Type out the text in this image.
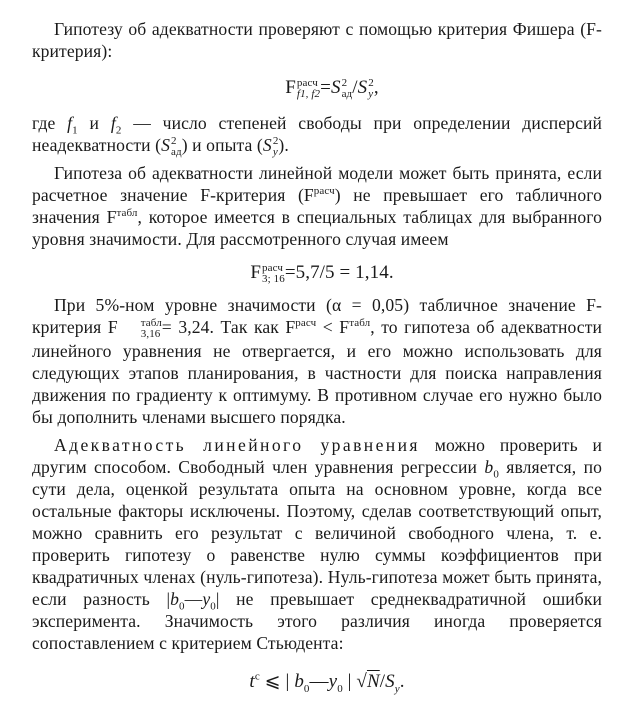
Гипотезу об адекватности проверяют с помощью критерия Фишера (F-критерия):

F расч
f1, f2 =S 2
ад /S 2
y ,

где $f_1$ и $f_2$ — число степеней свободы при определении дисперсий неадекватности (S 2
ад ) и опыта (S 2
y ).

Гипотеза об адекватности линейной модели может быть принята, если расчетное значение F-критерия $(F^{расч})$ не превышает его табличного значения $F^{табл}$, которое имеется в специальных таблицах для выбранного уровня значимости. Для рассмотренного случая имеем

F расч
3; 16 =5,7/5 = 1,14.

При 5%-ном уровне значимости (α = 0,05) табличное значение F-критерия F	табл
3,16 = 3,24. Так как $F^{расч} < F^{табл}$, то гипотеза об адекватности линейного уравнения не отвергается, и его можно использовать для следующих этапов планирования, в частности для поиска направления движения по градиенту к оптимуму. В противном случае его нужно было бы дополнить членами высшего порядка.

Адекватность линейного уравнения можно проверить и другим способом. Свободный член уравнения регрессии $b_0$ является, по сути дела, оценкой результата опыта на основном уровне, когда все остальные факторы исключены. Поэтому, сделав соответствующий опыт, можно сравнить его результат с величиной свободного члена, т. е. проверить гипотезу о равенстве нулю суммы коэффициентов при квадратичных членах (нуль-гипотеза). Нуль-гипотеза может быть принята, если разность $|b_0—y_0|$ не превышает среднеквадратичной ошибки эксперимента. Значимость этого различия иногда проверяется сопоставлением с критерием Стьюдента:

$t^c$ ⩽ | $b_0—y_0$ | $√N/S_y$.
